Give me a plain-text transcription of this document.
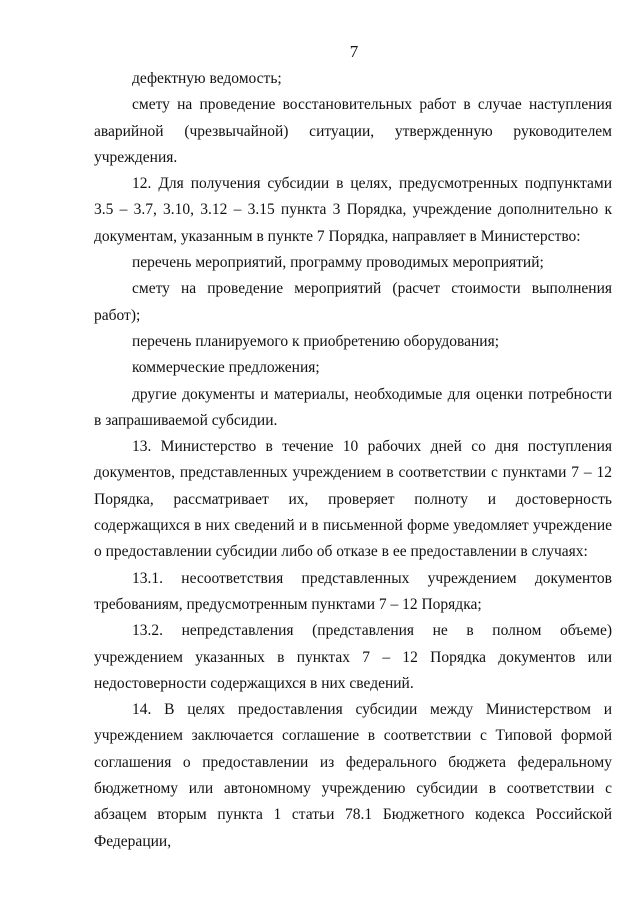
7

дефектную ведомость;

смету на проведение восстановительных работ в случае наступления аварийной (чрезвычайной) ситуации, утвержденную руководителем учреждения.

12. Для получения субсидии в целях, предусмотренных подпунктами 3.5 – 3.7, 3.10, 3.12 – 3.15 пункта 3 Порядка, учреждение дополнительно к документам, указанным в пункте 7 Порядка, направляет в Министерство:

перечень мероприятий, программу проводимых мероприятий;

смету на проведение мероприятий (расчет стоимости выполнения работ);

перечень планируемого к приобретению оборудования;

коммерческие предложения;

другие документы и материалы, необходимые для оценки потребности в запрашиваемой субсидии.

13. Министерство в течение 10 рабочих дней со дня поступления документов, представленных учреждением в соответствии с пунктами 7 – 12 Порядка, рассматривает их, проверяет полноту и достоверность содержащихся в них сведений и в письменной форме уведомляет учреждение о предоставлении субсидии либо об отказе в ее предоставлении в случаях:

13.1. несоответствия представленных учреждением документов требованиям, предусмотренным пунктами 7 – 12 Порядка;

13.2. непредставления (представления не в полном объеме) учреждением указанных в пунктах 7 – 12 Порядка документов или недостоверности содержащихся в них сведений.

14. В целях предоставления субсидии между Министерством и учреждением заключается соглашение в соответствии с Типовой формой соглашения о предоставлении из федерального бюджета федеральному бюджетному или автономному учреждению субсидии в соответствии с абзацем вторым пункта 1 статьи 78.1 Бюджетного кодекса Российской Федерации,
